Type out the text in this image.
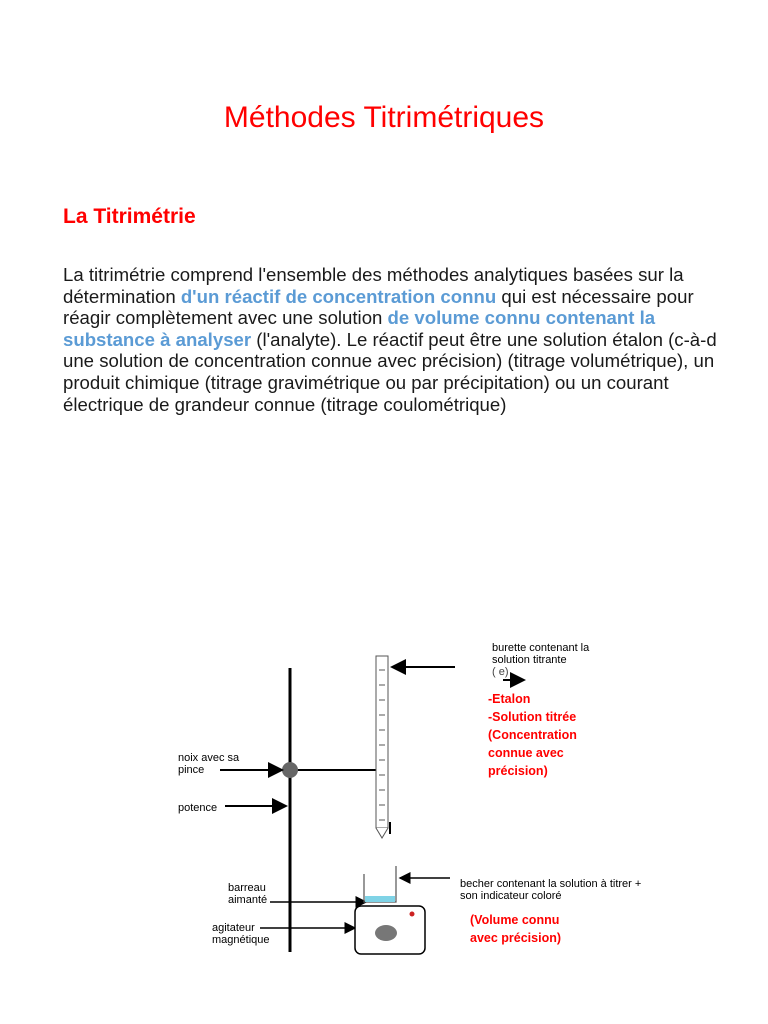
Méthodes Titrimétriques
La Titrimétrie
La titrimétrie comprend l'ensemble des méthodes analytiques basées sur la détermination d'un réactif de concentration connu qui est nécessaire pour réagir complètement avec une solution de volume connu contenant la substance à analyser (l'analyte). Le réactif peut être une solution étalon (c-à-d une solution de concentration connue avec précision) (titrage volumétrique), un produit chimique (titrage gravimétrique ou par précipitation) ou un courant électrique de grandeur connue (titrage coulométrique)
burette contenant la
solution titrante
( e)
-Etalon
-Solution titrée
(Concentration
connue avec
précision)
noix avec sa
pince
potence
barreau
aimanté
agitateur
magnétique
becher contenant la solution à titrer +
son indicateur coloré
(Volume connu
avec précision)
